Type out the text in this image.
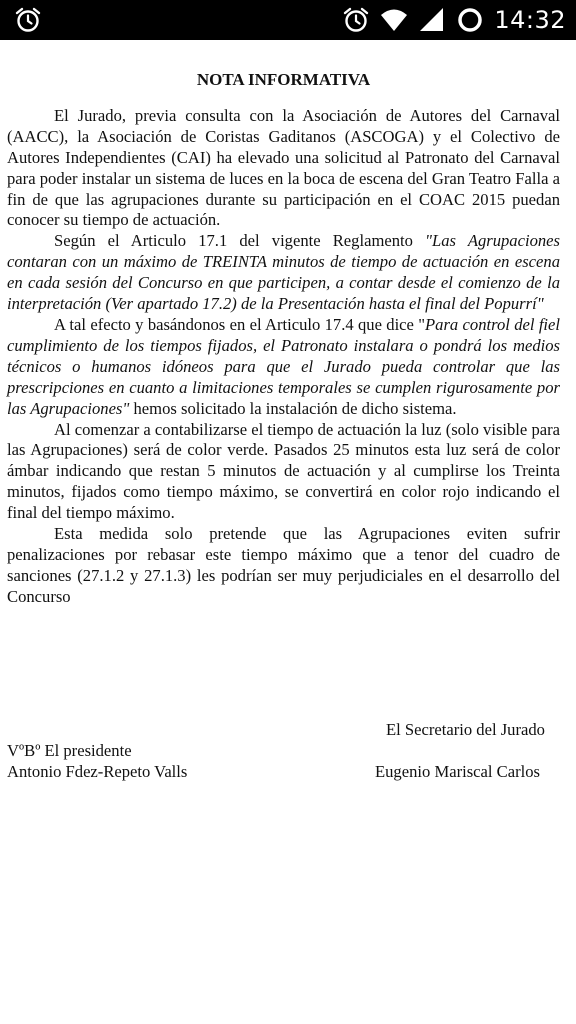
14:32
NOTA INFORMATIVA

El Jurado, previa consulta con la Asociación de Autores del Carnaval (AACC), la Asociación de Coristas Gaditanos (ASCOGA) y el Colectivo de Autores Independientes (CAI) ha elevado una solicitud al Patronato del Carnaval para poder instalar un sistema de luces en la boca de escena del Gran Teatro Falla a fin de que las agrupaciones durante su participación en el COAC 2015 puedan conocer su tiempo de actuación.

Según el Articulo 17.1 del vigente Reglamento "Las Agrupaciones contaran con un máximo de TREINTA minutos de tiempo de actuación en escena en cada sesión del Concurso en que participen, a contar desde el comienzo de la interpretación (Ver apartado 17.2) de la Presentación hasta el final del Popurrí"

A tal efecto y basándonos en el Articulo 17.4 que dice "Para control del fiel cumplimiento de los tiempos fijados, el Patronato instalara o pondrá los medios técnicos o humanos idóneos para que el Jurado pueda controlar que las prescripciones en cuanto a limitaciones temporales se cumplen rigurosamente por las Agrupaciones" hemos solicitado la instalación de dicho sistema.

Al comenzar a contabilizarse el tiempo de actuación la luz (solo visible para las Agrupaciones) será de color verde. Pasados 25 minutos esta luz será de color ámbar indicando que restan 5 minutos de actuación y al cumplirse los Treinta minutos, fijados como tiempo máximo, se convertirá en color rojo indicando el final del tiempo máximo.

Esta medida solo pretende que las Agrupaciones eviten sufrir penalizaciones por rebasar este tiempo máximo que a tenor del cuadro de sanciones (27.1.2 y 27.1.3) les podrían ser muy perjudiciales en el desarrollo del Concurso

El Secretario del Jurado
VºBº El presidente
Antonio Fdez-Repeto Valls	Eugenio Mariscal Carlos
